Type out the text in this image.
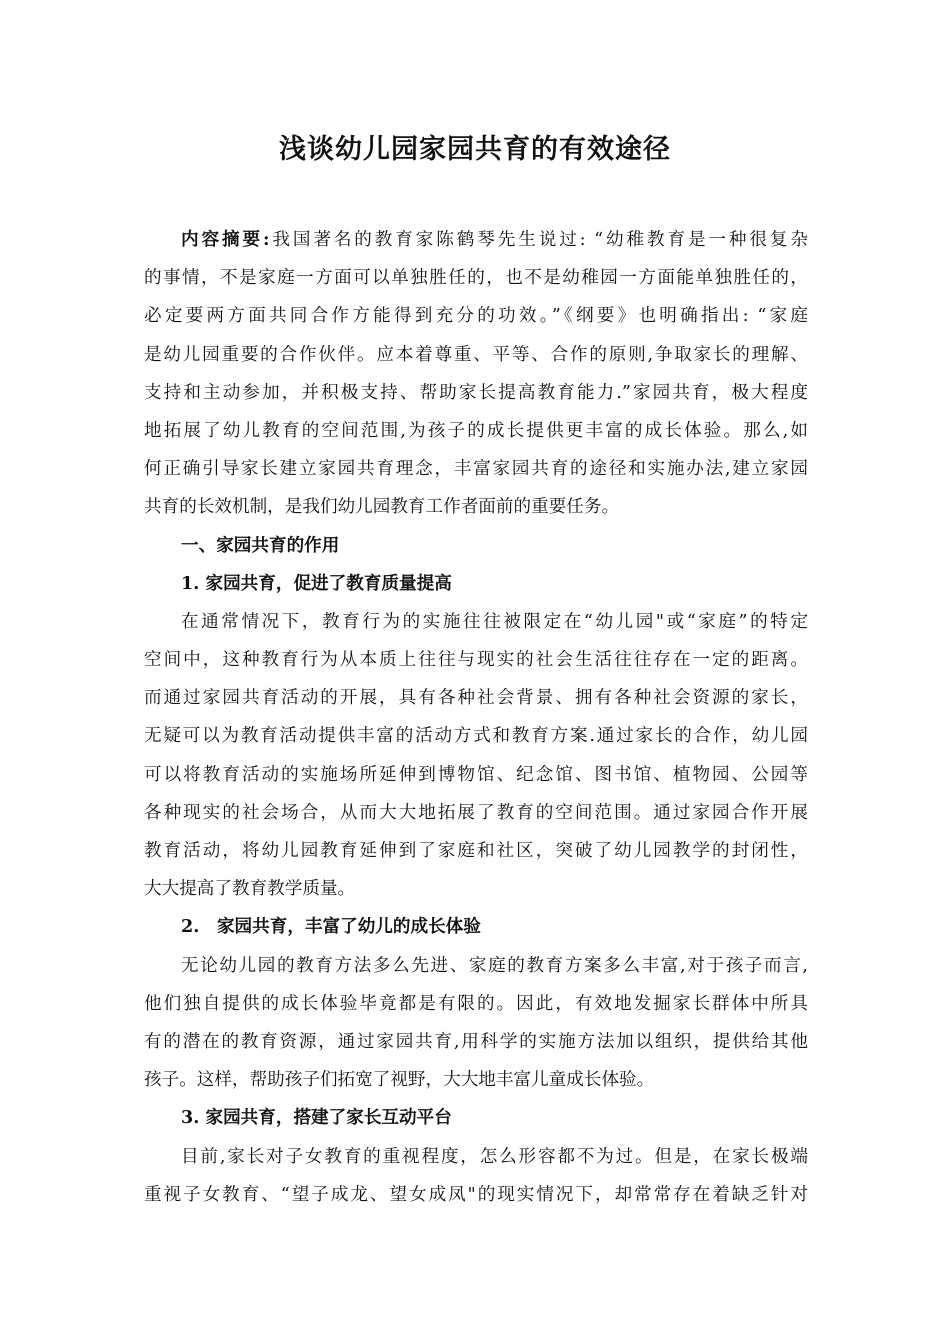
浅谈幼儿园家园共育的有效途径
内容摘要:我国著名的教育家陈鹤琴先生说过: “幼稚教育是一种很复杂
的事情，不是家庭一方面可以单独胜任的，也不是幼稚园一方面能单独胜任的，
必定要两方面共同合作方能得到充分的功效。”《纲要》也明确指出: “家庭
是幼儿园重要的合作伙伴。应本着尊重、平等、合作的原则,争取家长的理解、
支持和主动参加，并积极支持、帮助家长提高教育能力.”家园共育，极大程度
地拓展了幼儿教育的空间范围,为孩子的成长提供更丰富的成长体验。那么,如
何正确引导家长建立家园共育理念，丰富家园共育的途径和实施办法,建立家园
共育的长效机制，是我们幼儿园教育工作者面前的重要任务。
一、家园共育的作用
1. 家园共育，促进了教育质量提高
在通常情况下，教育行为的实施往往被限定在“幼儿园"或“家庭”的特定
空间中，这种教育行为从本质上往往与现实的社会生活往往存在一定的距离。
而通过家园共育活动的开展，具有各种社会背景、拥有各种社会资源的家长，
无疑可以为教育活动提供丰富的活动方式和教育方案.通过家长的合作，幼儿园
可以将教育活动的实施场所延伸到博物馆、纪念馆、图书馆、植物园、公园等
各种现实的社会场合，从而大大地拓展了教育的空间范围。通过家园合作开展
教育活动，将幼儿园教育延伸到了家庭和社区，突破了幼儿园教学的封闭性，
大大提高了教育教学质量。
2.　家园共育，丰富了幼儿的成长体验
无论幼儿园的教育方法多么先进、家庭的教育方案多么丰富,对于孩子而言,
他们独自提供的成长体验毕竟都是有限的。因此，有效地发掘家长群体中所具
有的潜在的教育资源，通过家园共育,用科学的实施方法加以组织，提供给其他
孩子。这样，帮助孩子们拓宽了视野，大大地丰富儿童成长体验。
3. 家园共育，搭建了家长互动平台
目前,家长对子女教育的重视程度，怎么形容都不为过。但是，在家长极端
重视子女教育、“望子成龙、望女成凤"的现实情况下，却常常存在着缺乏针对
